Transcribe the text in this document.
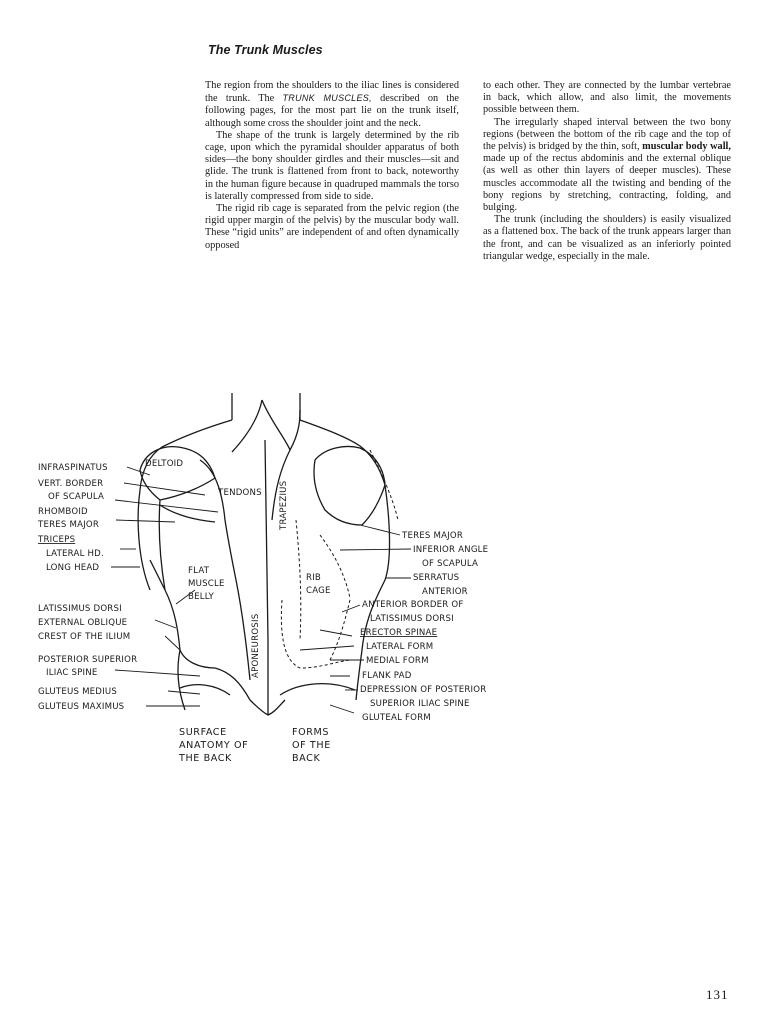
The Trunk Muscles

The region from the shoulders to the iliac lines is considered the trunk. The TRUNK MUSCLES, described on the following pages, for the most part lie on the trunk itself, although some cross the shoulder joint and the neck.

The shape of the trunk is largely determined by the rib cage, upon which the pyramidal shoulder apparatus of both sides—the bony shoulder girdles and their muscles—sit and glide. The trunk is flattened from front to back, noteworthy in the human figure because in quadruped mammals the torso is laterally compressed from side to side.

The rigid rib cage is separated from the pelvic region (the rigid upper margin of the pelvis) by the muscular body wall. These “rigid units” are independent of and often dynamically opposed

to each other. They are connected by the lumbar vertebrae in back, which allow, and also limit, the movements possible between them.

The irregularly shaped interval between the two bony regions (between the bottom of the rib cage and the top of the pelvis) is bridged by the thin, soft, muscular body wall, made up of the rectus abdominis and the external oblique (as well as other thin layers of deeper muscles). These muscles accommodate all the twisting and bending of the bony regions by stretching, contracting, folding, and bulging.

The trunk (including the shoulders) is easily visualized as a flattened box. The back of the trunk appears larger than the front, and can be visualized as an inferiorly pointed triangular wedge, especially in the male.

INFRASPINATUS
VERT. BORDER
OF SCAPULA
RHOMBOID
TERES MAJOR
TRICEPS
LATERAL HD.
LONG HEAD
LATISSIMUS DORSI
EXTERNAL OBLIQUE
CREST OF THE ILIUM
POSTERIOR SUPERIOR
ILIAC SPINE
GLUTEUS MEDIUS
GLUTEUS MAXIMUS
DELTOID
TENDONS TRAPEZIUS
FLAT
MUSCLE
BELLY
APONEUROSIS
RIB
CAGE
TERES MAJOR
INFERIOR ANGLE
OF SCAPULA
SERRATUS
ANTERIOR
ANTERIOR BORDER OF
LATISSIMUS DORSI
ERECTOR SPINAE
LATERAL FORM
MEDIAL FORM
FLANK PAD
DEPRESSION OF POSTERIOR
SUPERIOR ILIAC SPINE
GLUTEAL FORM
SURFACE
ANATOMY OF
THE BACK
FORMS
OF THE
BACK
131
